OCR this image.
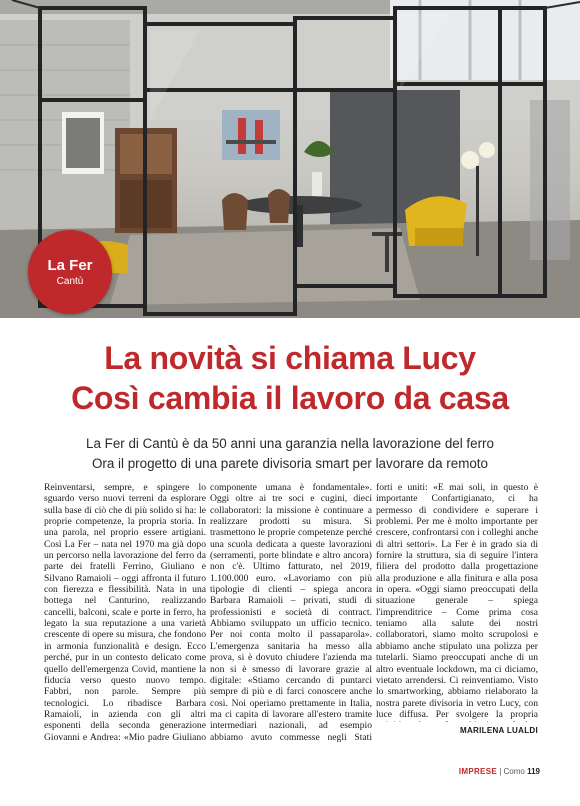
La Fer
Cantù
La novità si chiama Lucy
Così cambia il lavoro da casa
La Fer di Cantù è da 50 anni una garanzia nella lavorazione del ferro
Ora il progetto di una parete divisoria smart per lavorare da remoto

Reinventarsi, sempre, e spingere lo sguardo verso nuovi terreni da esplorare sulla base di ciò che di più solido si ha: le proprie competenze, la propria storia. In una parola, nel proprio essere artigiani. Così La Fer – nata nel 1970 ma già dopo un percorso nella lavorazione del ferro da parte dei fratelli Ferrino, Giuliano e Silvano Ramaioli – oggi affronta il futuro con fierezza e flessibilità. Nata in una bottega nel Canturino, realizzando cancelli, balconi, scale e porte in ferro, ha legato la sua reputazione a una varietà crescente di opere su misura, che fondono in armonia funzionalità e design. Ecco perché, pur in un contesto delicato come quello dell'emergenza Covid, mantiene la fiducia verso questo nuovo tempo. Fabbri, non parole. Sempre più tecnologici. Lo ribadisce Barbara Ramaioli, in azienda con gli altri esponenti della seconda generazione Giovanni e Andrea: «Mio padre Giuliano

componente umana è fondamentale». Oggi oltre ai tre soci e cugini, dieci collaboratori: la missione è continuare a realizzare prodotti su misura. Si trasmettono le proprie competenze perché una scuola dedicata a queste lavorazioni (serramenti, porte blindate e altro ancora) non c'è. Ultimo fatturato, nel 2019, 1.100.000 euro. «Lavoriamo con più tipologie di clienti – spiega ancora Barbara Ramaioli – privati, studi di professionisti e società di contract. Abbiamo sviluppato un ufficio tecnico. Per noi conta molto il passaparola». L'emergenza sanitaria ha messo alla prova, si è dovuto chiudere l'azienda ma non si è smesso di lavorare grazie al digitale: «Stiamo cercando di puntarci sempre di più e di farci conoscere anche così. Noi operiamo prettamente in Italia, ma ci capita di lavorare all'estero tramite intermediari nazionali, ad esempio abbiamo avuto commesse negli Stati

forti e uniti: «E mai soli, in questo è importante Confartigianato, ci ha permesso di condividere e superare i problemi. Per me è molto importante per crescere, confrontarsi con i colleghi anche di altri settori». La Fer è in grado sia di fornire la struttura, sia di seguire l'intera filiera del prodotto dalla progettazione alla produzione e alla finitura e alla posa in opera. «Oggi siamo preoccupati della situazione generale – spiega l'imprenditrice – Come prima cosa teniamo alla salute dei nostri collaboratori, siamo molto scrupolosi e abbiamo anche stipulato una polizza per tutelarli. Siamo preoccupati anche di un altro eventuale lockdown, ma ci diciamo, vietato arrendersi. Ci reinventiamo. Visto lo smartworking, abbiamo rielaborato la nostra parete divisoria in vetro Lucy, con luce diffusa. Per svolgere la propria

MARILENA LUALDI
IMPRESE | Como 119
